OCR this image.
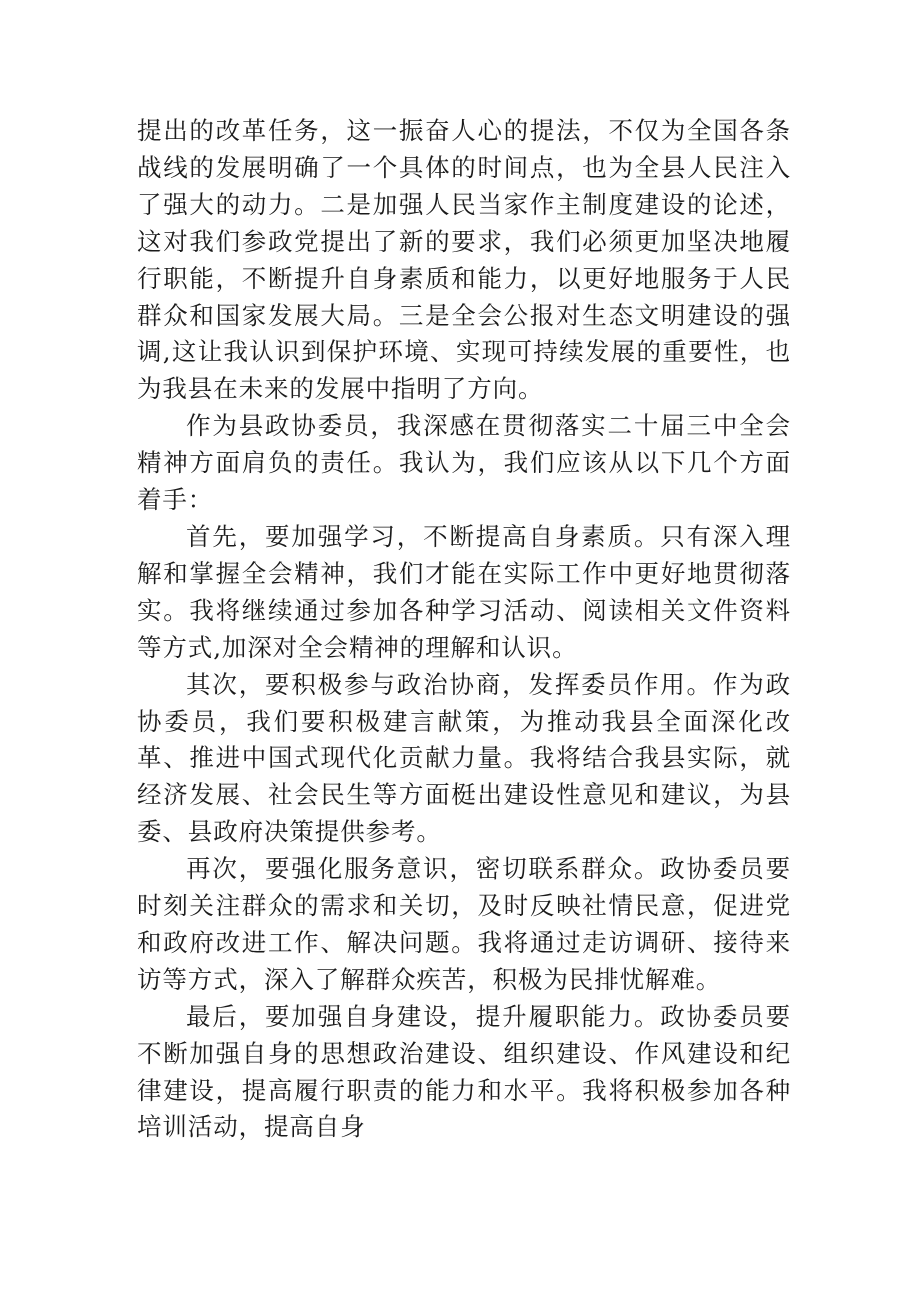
提出的改革任务，这一振奋人心的提法，不仅为全国各条战线的发展明确了一个具体的时间点，也为全县人民注入了强大的动力。二是加强人民当家作主制度建设的论述，这对我们参政党提出了新的要求，我们必须更加坚决地履行职能，不断提升自身素质和能力，以更好地服务于人民群众和国家发展大局。三是全会公报对生态文明建设的强调,这让我认识到保护环境、实现可持续发展的重要性，也为我县在未来的发展中指明了方向。

作为县政协委员，我深感在贯彻落实二十届三中全会精神方面肩负的责任。我认为，我们应该从以下几个方面着手：

首先，要加强学习，不断提高自身素质。只有深入理解和掌握全会精神，我们才能在实际工作中更好地贯彻落实。我将继续通过参加各种学习活动、阅读相关文件资料等方式,加深对全会精神的理解和认识。

其次，要积极参与政治协商，发挥委员作用。作为政协委员，我们要积极建言献策，为推动我县全面深化改革、推进中国式现代化贡献力量。我将结合我县实际，就经济发展、社会民生等方面梃出建设性意见和建议，为县委、县政府决策提供参考。

再次，要强化服务意识，密切联系群众。政协委员要时刻关注群众的需求和关切，及时反映社情民意，促进党和政府改进工作、解决问题。我将通过走访调研、接待来访等方式，深入了解群众疾苦，积极为民排忧解难。

最后，要加强自身建设，提升履职能力。政协委员要不断加强自身的思想政治建设、组织建设、作风建设和纪律建设，提高履行职责的能力和水平。我将积极参加各种培训活动，提高自身
